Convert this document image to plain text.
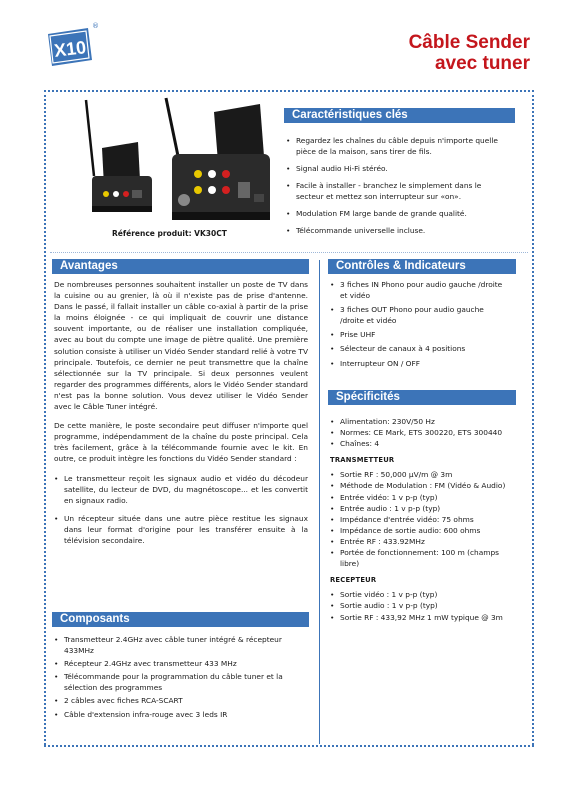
X10
®
Câble Sender
avec tuner
Référence produit: VK30CT
Caractéristiques clés
• Regardez les chaînes du câble depuis n'importe quelle pièce de la maison, sans tirer de fils.
• Signal audio Hi-Fi stéréo.
• Facile à installer - branchez le simplement dans le secteur et mettez son interrupteur sur «on».
• Modulation FM large bande de grande qualité.
• Télécommande universelle incluse.
Avantages

De nombreuses personnes souhaitent installer un poste de TV dans la cuisine ou au grenier, là où il n'existe pas de prise d'antenne. Dans le passé, il fallait installer un câble co-axial à partir de la prise la moins éloignée - ce qui impliquait de couvrir une distance souvent importante, ou de réaliser une installation compliquée, avec au bout du compte une image de piètre qualité. Une première solution consiste à utiliser un Vidéo Sender standard relié à votre TV principale. Toutefois, ce dernier ne peut transmettre que la chaîne sélectionnée sur la TV principale. Si deux personnes veulent regarder des programmes différents, alors le Vidéo Sender standard n'est pas la bonne solution. Vous devez utiliser le Vidéo Sender avec le Câble Tuner intégré.

De cette manière, le poste secondaire peut diffuser n'importe quel programme, indépendamment de la chaîne du poste principal. Cela très facilement, grâce à la télécommande fournie avec le kit. En outre, ce produit intègre les fonctions du Vidéo Sender standard :

• Le transmetteur reçoit les signaux audio et vidéo du décodeur satellite, du lecteur de DVD, du magnétoscope... et les convertit en signaux radio.
• Un récepteur située dans une autre pièce restitue les signaux dans leur format d'origine pour les transférer ensuite à la télévision secondaire.
Composants
• Transmetteur 2.4GHz avec câble tuner intégré & récepteur 433MHz
• Récepteur 2.4GHz avec transmetteur 433 MHz
• Télécommande pour la programmation du câble tuner et la sélection des programmes
• 2 câbles avec fiches RCA-SCART
• Câble d'extension infra-rouge avec 3 leds IR
Contrôles & Indicateurs
• 3 fiches IN Phono pour audio gauche /droite et vidéo
• 3 fiches OUT Phono pour audio gauche /droite et vidéo
• Prise UHF
• Sélecteur de canaux à 4 positions
• Interrupteur ON / OFF
Spécificités
• Alimentation: 230V/50 Hz
• Normes: CE Mark, ETS 300220, ETS 300440
• Chaînes: 4
TRANSMETTEUR
• Sortie RF : 50,000 μV/m @ 3m
• Méthode de Modulation : FM (Vidéo & Audio)
• Entrée vidéo: 1 v p-p (typ)
• Entrée audio : 1 v p-p (typ)
• Impédance d'entrée vidéo: 75 ohms
• Impédance de sortie audio: 600 ohms
• Entrée RF : 433.92MHz
• Portée de fonctionnement: 100 m (champs libre)
RECEPTEUR
• Sortie vidéo : 1 v p-p (typ)
• Sortie audio : 1 v p-p (typ)
• Sortie RF : 433,92 MHz 1 mW typique @ 3m
